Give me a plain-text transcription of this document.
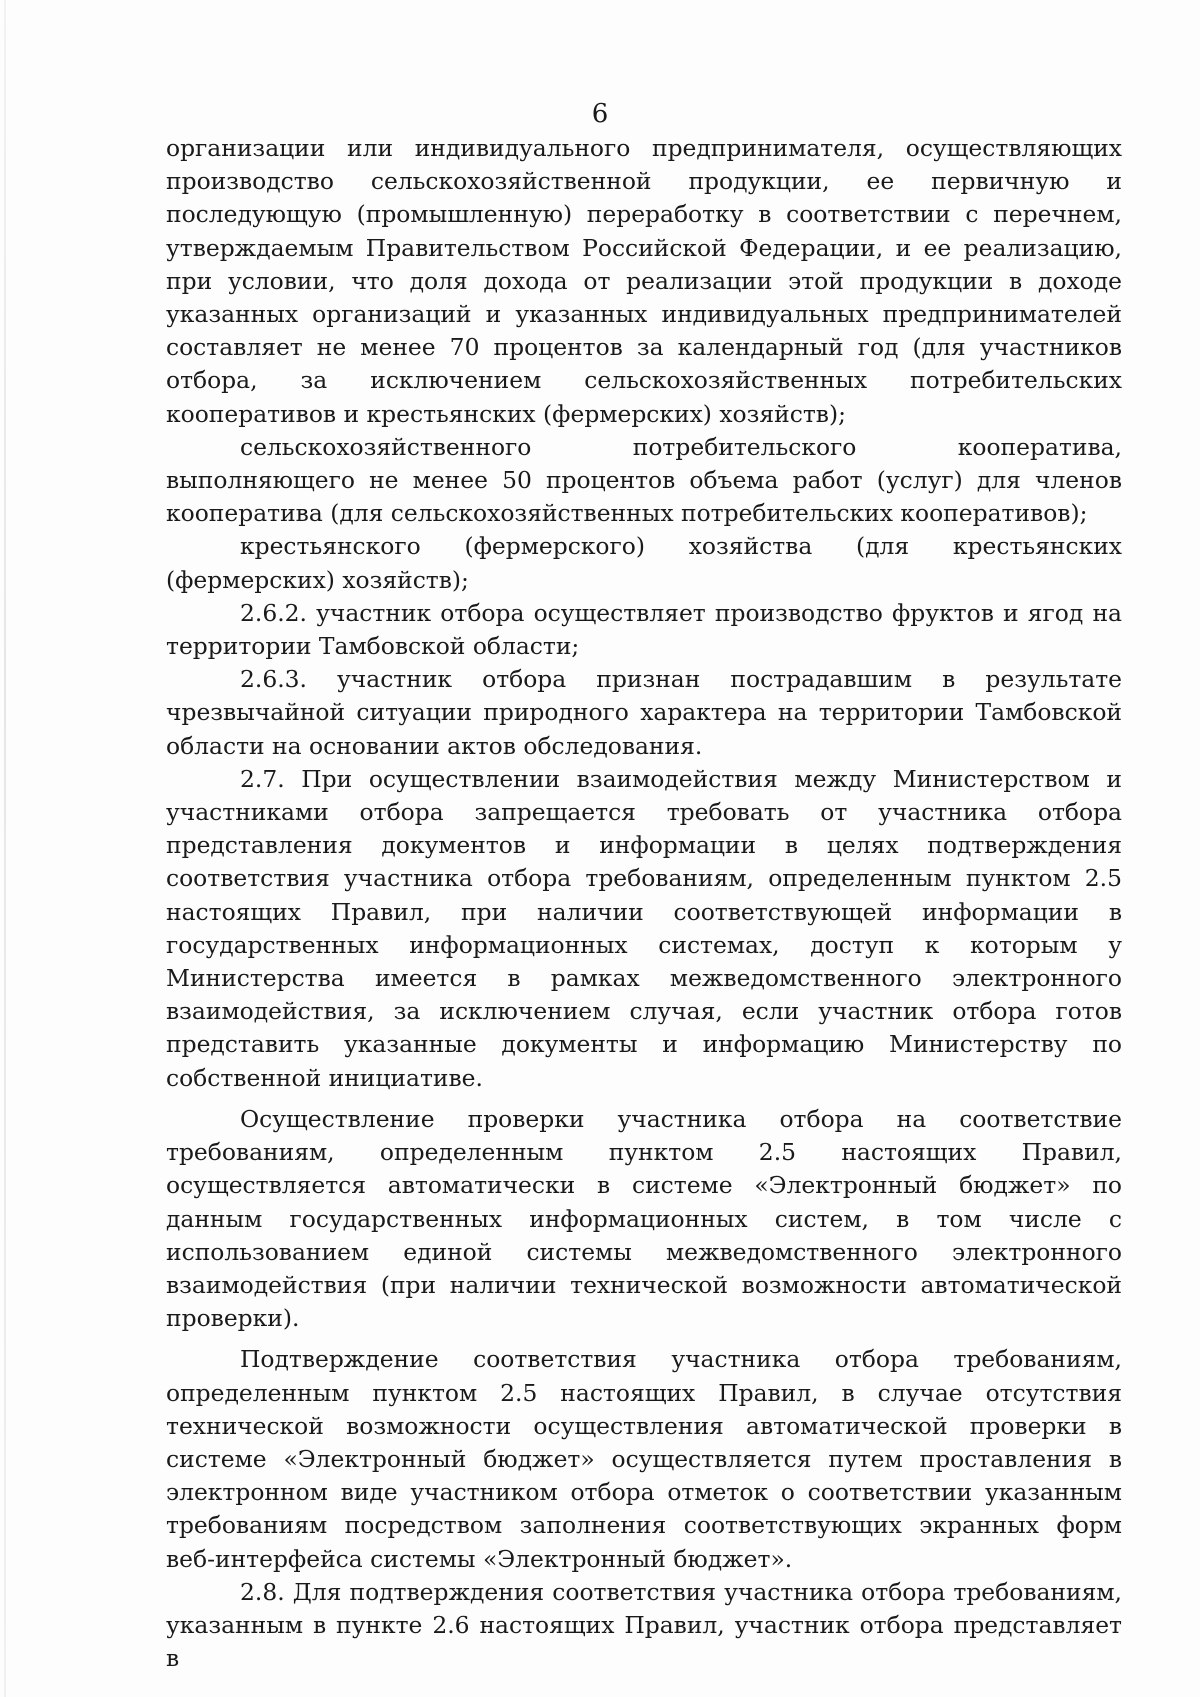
6

организации или индивидуального предпринимателя, осуществляющих производство сельскохозяйственной продукции, ее первичную и последующую (промышленную) переработку в соответствии с перечнем, утверждаемым Правительством Российской Федерации, и ее реализацию, при условии, что доля дохода от реализации этой продукции в доходе указанных организаций и указанных индивидуальных предпринимателей составляет не менее 70 процентов за календарный год (для участников отбора, за исключением сельскохозяйственных потребительских кооперативов и крестьянских (фермерских) хозяйств);

сельскохозяйственного потребительского кооператива, выполняющего не менее 50 процентов объема работ (услуг) для членов кооператива (для сельскохозяйственных потребительских кооперативов);

крестьянского (фермерского) хозяйства (для крестьянских (фермерских) хозяйств);

2.6.2. участник отбора осуществляет производство фруктов и ягод на территории Тамбовской области;

2.6.3. участник отбора признан пострадавшим в результате чрезвычайной ситуации природного характера на территории Тамбовской области на основании актов обследования.

2.7. При осуществлении взаимодействия между Министерством и участниками отбора запрещается требовать от участника отбора представления документов и информации в целях подтверждения соответствия участника отбора требованиям, определенным пунктом 2.5 настоящих Правил, при наличии соответствующей информации в государственных информационных системах, доступ к которым у Министерства имеется в рамках межведомственного электронного взаимодействия, за исключением случая, если участник отбора готов представить указанные документы и информацию Министерству по собственной инициативе.

Осуществление проверки участника отбора на соответствие требованиям, определенным пунктом 2.5 настоящих Правил, осуществляется автоматически в системе «Электронный бюджет» по данным государственных информационных систем, в том числе с использованием единой системы межведомственного электронного взаимодействия (при наличии технической возможности автоматической проверки).

Подтверждение соответствия участника отбора требованиям, определенным пунктом 2.5 настоящих Правил, в случае отсутствия технической возможности осуществления автоматической проверки в системе «Электронный бюджет» осуществляется путем проставления в электронном виде участником отбора отметок о соответствии указанным требованиям посредством заполнения соответствующих экранных форм веб-интерфейса системы «Электронный бюджет».

2.8. Для подтверждения соответствия участника отбора требованиям, указанным в пункте 2.6 настоящих Правил, участник отбора представляет в
